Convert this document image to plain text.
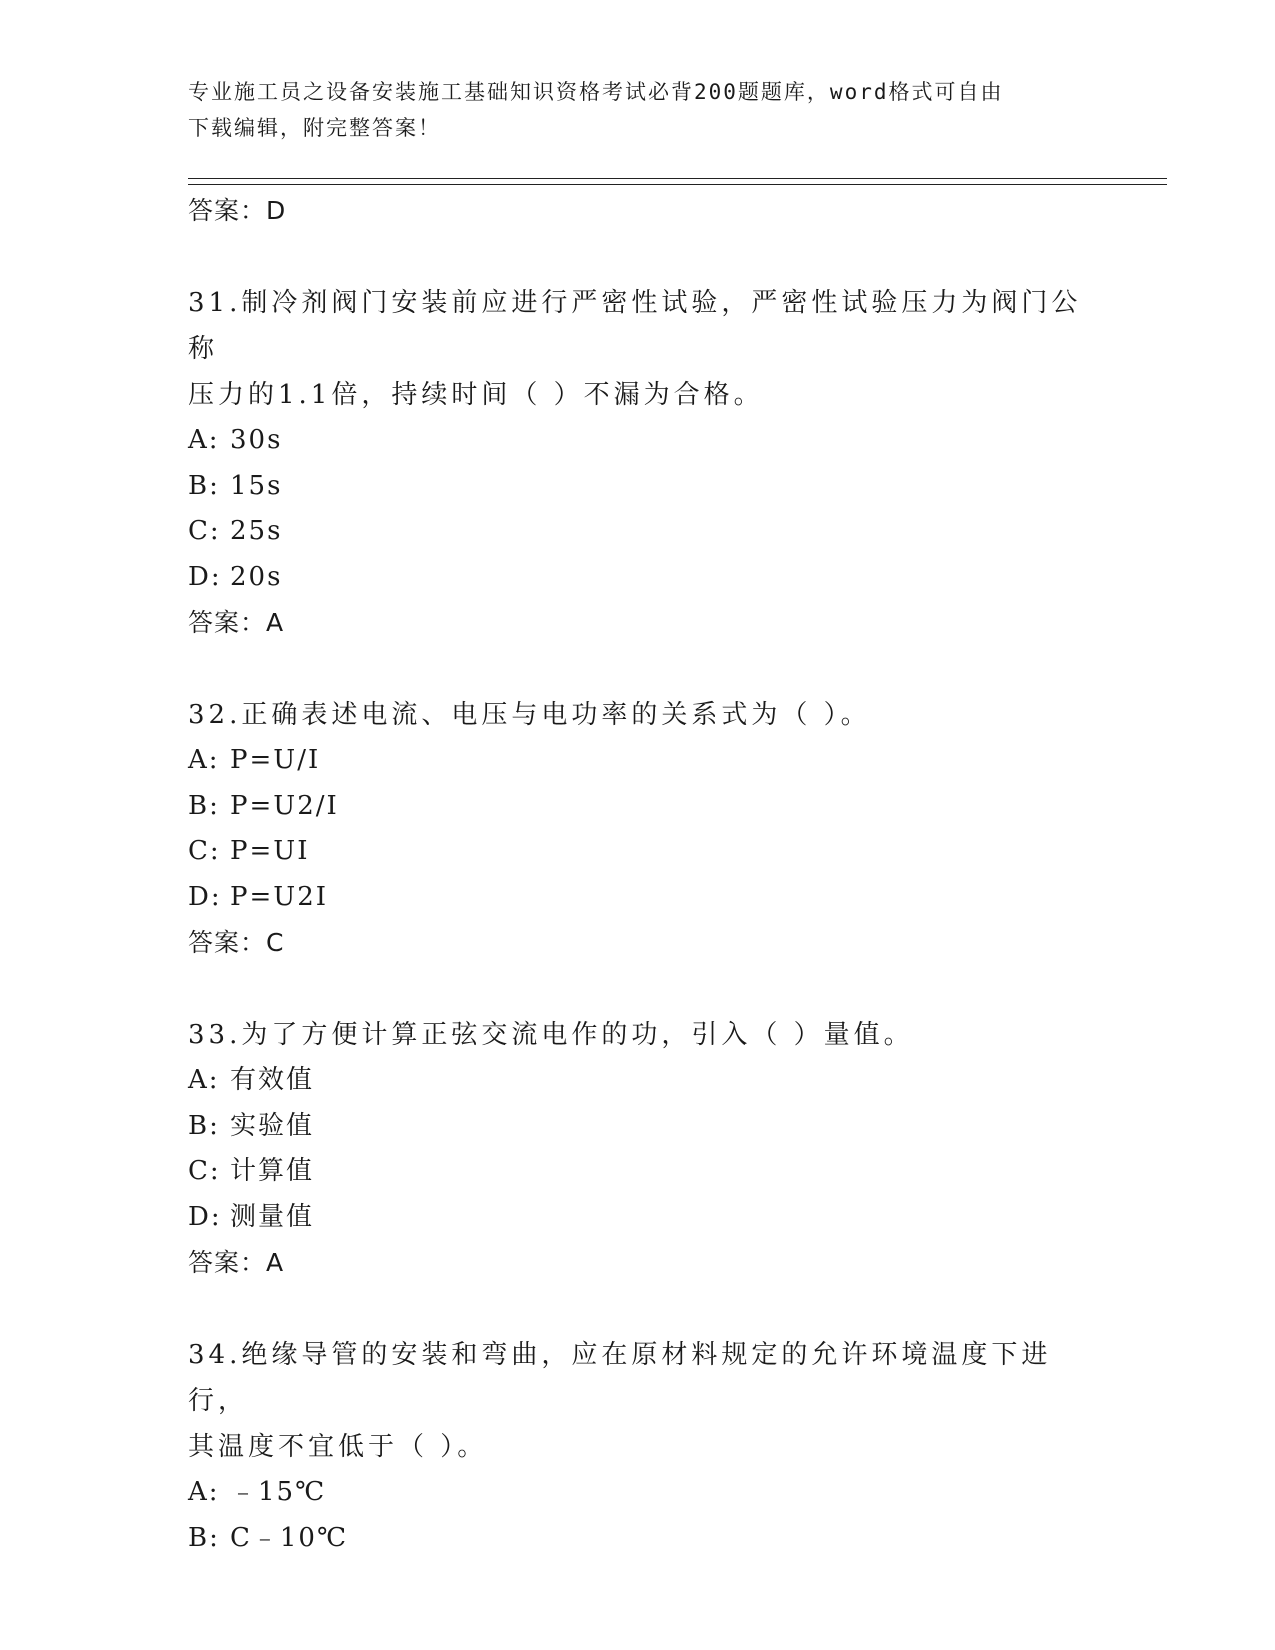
专业施工员之设备安装施工基础知识资格考试必背200题题库，word格式可自由
下载编辑，附完整答案！
答案：D
31.制冷剂阀门安装前应进行严密性试验，严密性试验压力为阀门公称
压力的1.1倍，持续时间（ ）不漏为合格。
A: 30s
B: 15s
C: 25s
D: 20s
答案：A
32.正确表述电流、电压与电功率的关系式为（ ）。
A: P=U/I
B: P=U2/I
C: P=UI
D: P=U2I
答案：C
33.为了方便计算正弦交流电作的功，引入（ ）量值。
A: 有效值
B: 实验值
C: 计算值
D: 测量值
答案：A
34.绝缘导管的安装和弯曲，应在原材料规定的允许环境温度下进行，
其温度不宜低于（ ）。
A: ﹣15℃
B: C﹣10℃
